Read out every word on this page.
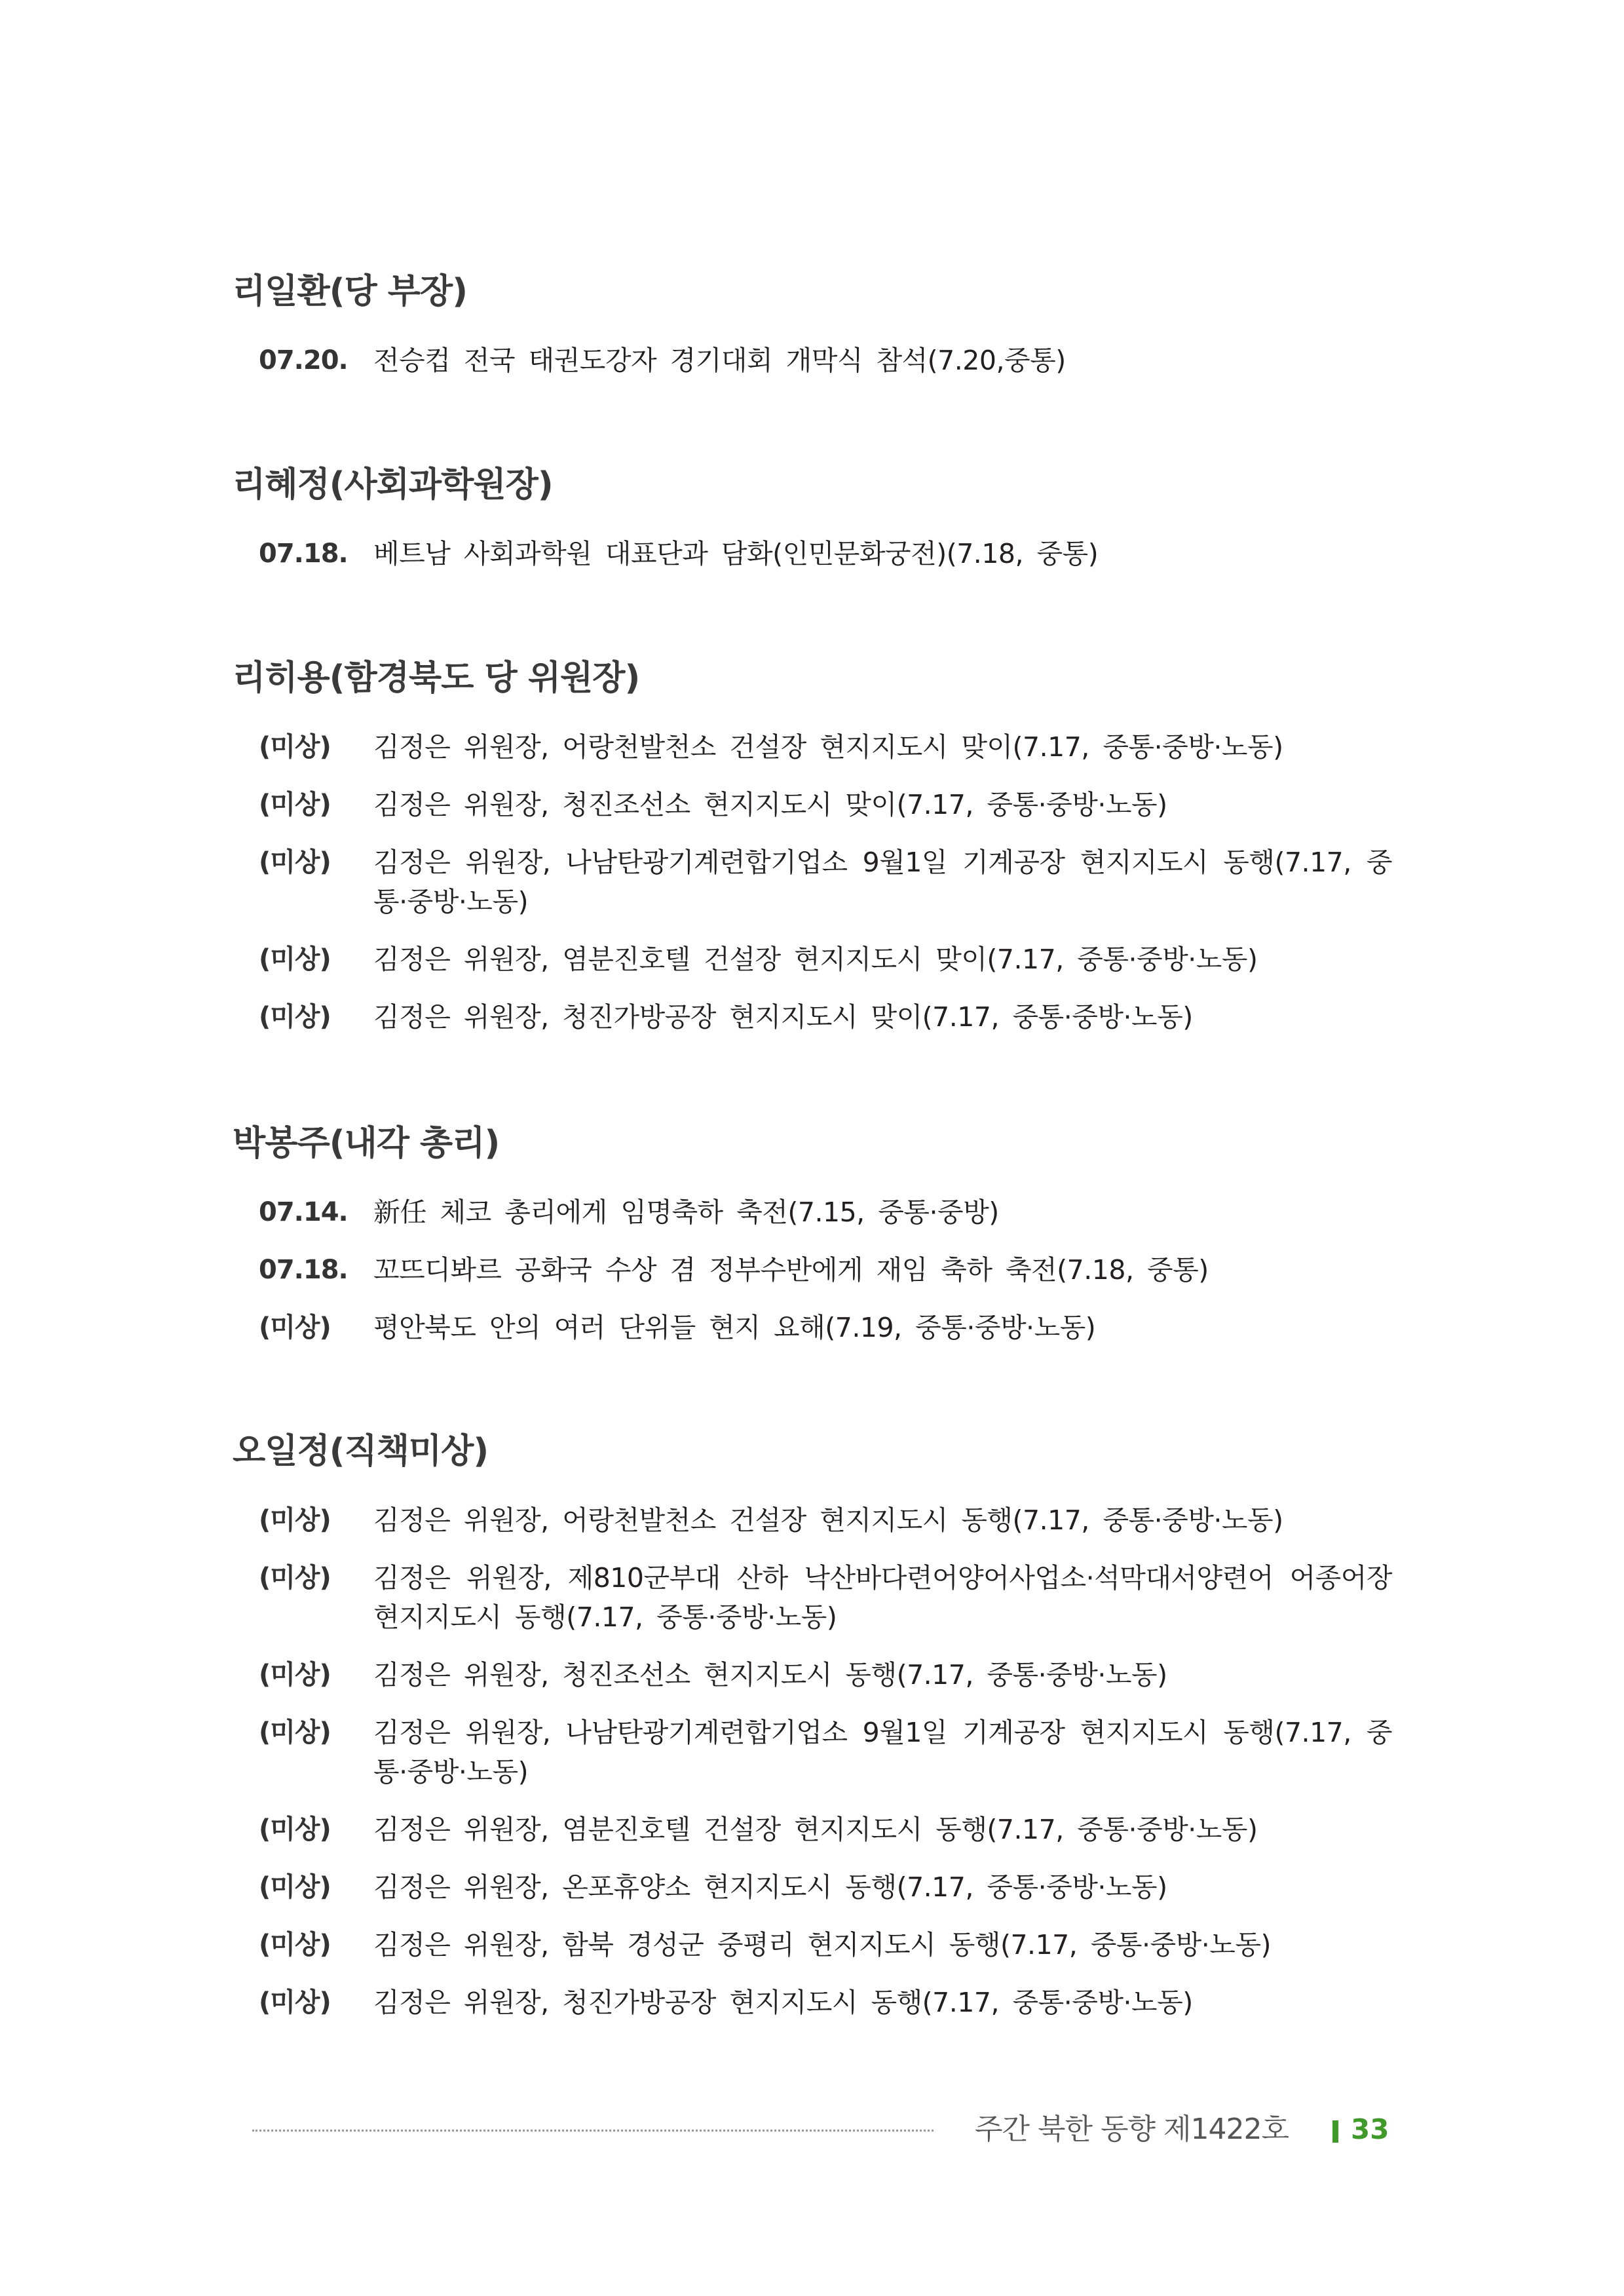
리일환(당 부장)
07.20. 전승컵 전국 태권도강자 경기대회 개막식 참석(7.20,중통)
리혜정(사회과학원장)
07.18. 베트남 사회과학원 대표단과 담화(인민문화궁전)(7.18, 중통)
리히용(함경북도 당 위원장)
(미상)	김정은 위원장, 어랑천발천소 건설장 현지지도시 맞이(7.17, 중통·중방·노동)
(미상)	김정은 위원장, 청진조선소 현지지도시 맞이(7.17, 중통·중방·노동)
(미상)	김정은 위원장, 나남탄광기계련합기업소 9월1일 기계공장 현지지도시 동행(7.17, 중통·중방·노동)
(미상)	김정은 위원장, 염분진호텔 건설장 현지지도시 맞이(7.17, 중통·중방·노동)
(미상)	김정은 위원장, 청진가방공장 현지지도시 맞이(7.17, 중통·중방·노동)
박봉주(내각 총리)
07.14. 新任 체코 총리에게 임명축하 축전(7.15, 중통·중방)
07.18. 꼬뜨디봐르 공화국 수상 겸 정부수반에게 재임 축하 축전(7.18, 중통)
(미상)	평안북도 안의 여러 단위들 현지 요해(7.19, 중통·중방·노동)
오일정(직책미상)
(미상)	김정은 위원장, 어랑천발천소 건설장 현지지도시 동행(7.17, 중통·중방·노동)
(미상)	김정은 위원장, 제810군부대 산하 낙산바다련어양어사업소·석막대서양련어 어종어장 현지지도시 동행(7.17, 중통·중방·노동)
(미상)	김정은 위원장, 청진조선소 현지지도시 동행(7.17, 중통·중방·노동)
(미상)	김정은 위원장, 나남탄광기계련합기업소 9월1일 기계공장 현지지도시 동행(7.17, 중통·중방·노동)
(미상)	김정은 위원장, 염분진호텔 건설장 현지지도시 동행(7.17, 중통·중방·노동)
(미상)	김정은 위원장, 온포휴양소 현지지도시 동행(7.17, 중통·중방·노동)
(미상)	김정은 위원장, 함북 경성군 중평리 현지지도시 동행(7.17, 중통·중방·노동)
(미상)	김정은 위원장, 청진가방공장 현지지도시 동행(7.17, 중통·중방·노동)
주간 북한 동향 제1422호 33
